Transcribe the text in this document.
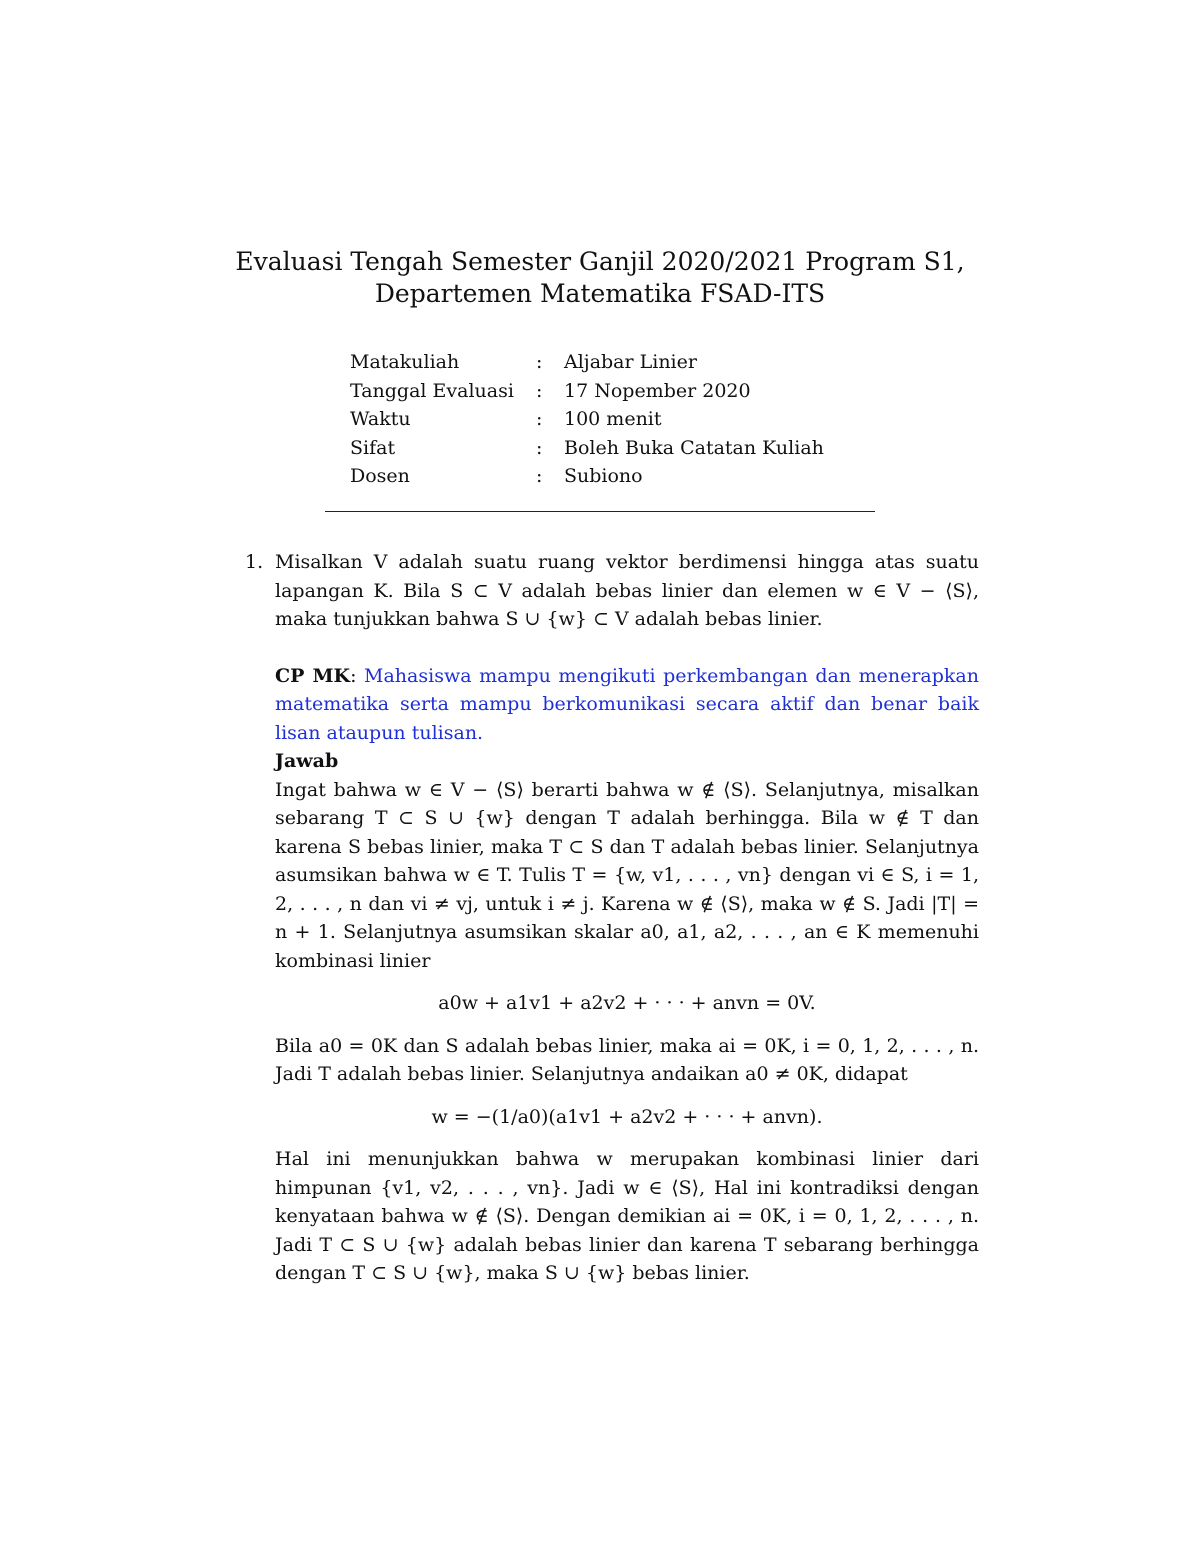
Evaluasi Tengah Semester Ganjil 2020/2021 Program S1,
Departemen Matematika FSAD-ITS
Matakuliah	:	Aljabar Linier
Tanggal Evaluasi	:	17 Nopember 2020
Waktu	:	100 menit
Sifat	:	Boleh Buka Catatan Kuliah
Dosen	:	Subiono
1. Misalkan V adalah suatu ruang vektor berdimensi hingga atas suatu lapangan K. Bila S ⊂ V adalah bebas linier dan elemen w ∈ V − ⟨S⟩, maka tunjukkan bahwa S ∪ {w} ⊂ V adalah bebas linier.

CP MK: Mahasiswa mampu mengikuti perkembangan dan menerapkan matematika serta mampu berkomunikasi secara aktif dan benar baik lisan ataupun tulisan.
Jawab

Ingat bahwa w ∈ V − ⟨S⟩ berarti bahwa w ∉ ⟨S⟩. Selanjutnya, misalkan sebarang T ⊂ S ∪ {w} dengan T adalah berhingga. Bila w ∉ T dan karena S bebas linier, maka T ⊂ S dan T adalah bebas linier. Selanjutnya asumsikan bahwa w ∈ T. Tulis T = {w, v1, . . . , vn} dengan vi ∈ S, i = 1, 2, . . . , n dan vi ≠ vj, untuk i ≠ j. Karena w ∉ ⟨S⟩, maka w ∉ S. Jadi |T| = n + 1. Selanjutnya asumsikan skalar a0, a1, a2, . . . , an ∈ K memenuhi kombinasi linier

a0w + a1v1 + a2v2 + · · · + anvn = 0V.

Bila a0 = 0K dan S adalah bebas linier, maka ai = 0K, i = 0, 1, 2, . . . , n. Jadi T adalah bebas linier. Selanjutnya andaikan a0 ≠ 0K, didapat

w = −(1/a0)(a1v1 + a2v2 + · · · + anvn).

Hal ini menunjukkan bahwa w merupakan kombinasi linier dari himpunan {v1, v2, . . . , vn}. Jadi w ∈ ⟨S⟩, Hal ini kontradiksi dengan kenyataan bahwa w ∉ ⟨S⟩. Dengan demikian ai = 0K, i = 0, 1, 2, . . . , n. Jadi T ⊂ S ∪ {w} adalah bebas linier dan karena T sebarang berhingga dengan T ⊂ S ∪ {w}, maka S ∪ {w} bebas linier.
